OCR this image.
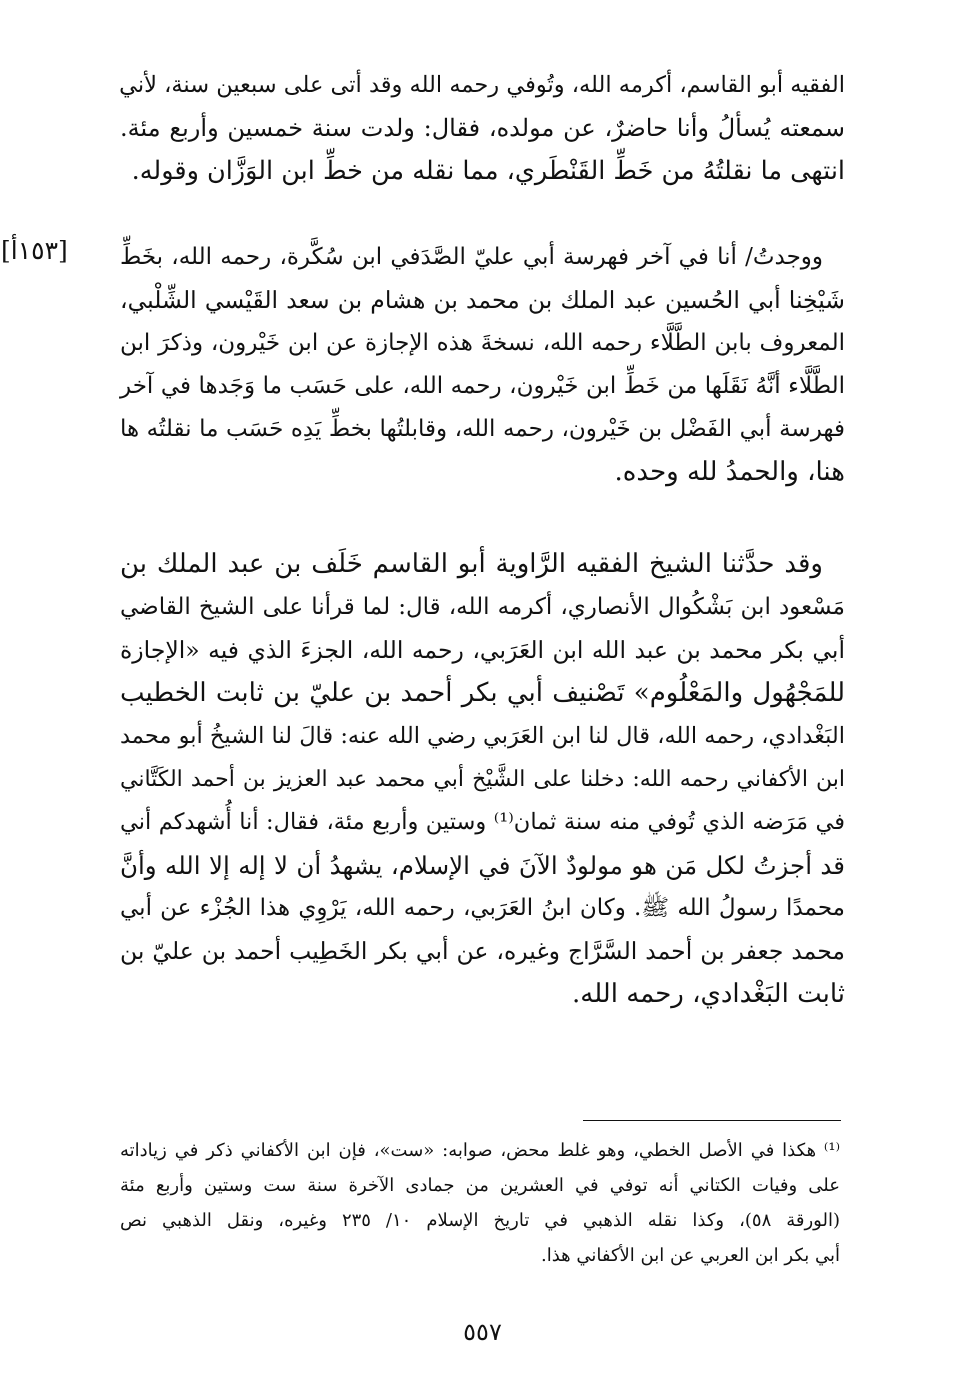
الفقيه أبو القاسم، أكرمه الله، وتُوفي رحمه الله وقد أتى على سبعين سنة، لأني
سمعته يُسألُ وأنا حاضرٌ، عن مولده، فقال: ولدت سنة خمسين وأربع مئة.
انتهى ما نقلتُهُ من خَطِّ القَنْطَري، مما نقله من خطِّ ابن الوَزَّان وقوله.
[١٥٣أ]	ووجدتُ/ أنا في آخر فهرسة أبي عليّ الصَّدَفي ابن سُكَّرة، رحمه الله، بخَطِّ
شَيْخِنا أبي الحُسين عبد الملك بن محمد بن هشام بن سعد القَيْسي الشِّلْبي،
المعروف بابن الطَّلَّاء رحمه الله، نسخةَ هذه الإجازة عن ابن خَيْرون، وذكرَ ابن
الطَّلَّاء أنَّهُ نَقَلَها من خَطِّ ابن خَيْرون، رحمه الله، على حَسَب ما وَجَدها في آخر
فهرسة أبي الفَضْل بن خَيْرون، رحمه الله، وقابلتُها بخطِّ يَدِه حَسَب ما نقلتُه ها
هنا، والحمدُ لله وحده.
وقد حدَّثنا الشيخ الفقيه الرَّاوية أبو القاسم خَلَف بن عبد الملك بن
مَسْعود ابن بَشْكُوال الأنصاري، أكرمه الله، قال: لما قرأنا على الشيخ القاضي
أبي بكر محمد بن عبد الله ابن العَرَبي، رحمه الله، الجزءَ الذي فيه «الإجازة
للمَجْهُول والمَعْلُوم» تَصْنيف أبي بكر أحمد بن عليّ بن ثابت الخطيب
البَغْدادي، رحمه الله، قال لنا ابن العَرَبي رضي الله عنه: قالَ لنا الشيخُ أبو محمد
ابن الأكفاني رحمه الله: دخلنا على الشَّيْخ أبي محمد عبد العزيز بن أحمد الكَتَّاني
في مَرَضه الذي تُوفي منه سنة ثمان⁽¹⁾ وستين وأربع مئة، فقال: أنا أُشهدكم أني
قد أجزتُ لكل مَن هو مولودٌ الآنَ في الإسلام، يشهدُ أن لا إله إلا الله وأنَّ
محمدًا رسولُ الله ﷺ. وكان ابنُ العَرَبي، رحمه الله، يَرْوِي هذا الجُزْء عن أبي
محمد جعفر بن أحمد السَّرَّاج وغيره، عن أبي بكر الخَطِيب أحمد بن عليّ بن
ثابت البَغْدادي، رحمه الله.
⁽¹⁾ هكذا في الأصل الخطي، وهو غلط محض، صوابه: «ست»، فإن ابن الأكفاني ذكر في زياداته
على وفيات الكتاني أنه توفي في العشرين من جمادى الآخرة سنة ست وستين وأربع مئة
(الورقة ٥٨)، وكذا نقله الذهبي في تاريخ الإسلام ١٠/ ٢٣٥ وغيره، ونقل الذهبي نص
أبي بكر ابن العربي عن ابن الأكفاني هذا.
٥٥٧
